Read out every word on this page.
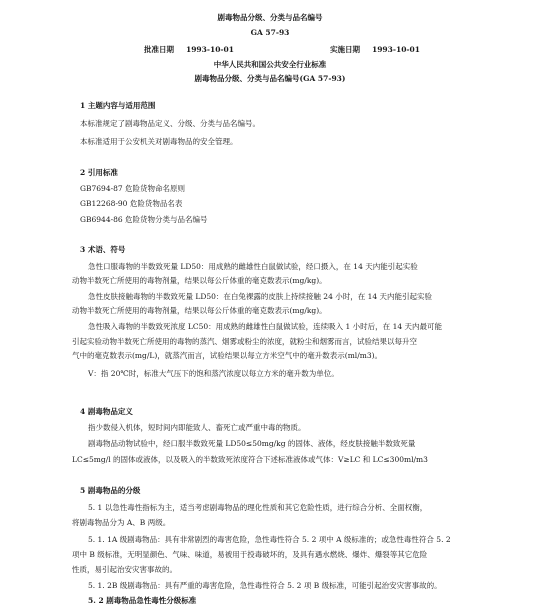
剧毒物品分级、分类与品名编号
GA 57-93
批准日期 1993-10-01	实施日期 1993-10-01
中华人民共和国公共安全行业标准
剧毒物品分级、分类与品名编号(GA 57-93)
1 主题内容与适用范围
本标准规定了剧毒物品定义、分级、分类与品名编号。
本标准适用于公安机关对剧毒物品的安全管理。
2 引用标准
GB7694-87 危险货物命名原则
GB12268-90 危险货物品名表
GB6944-86 危险货物分类与品名编号
3 术语、符号
急性口服毒物的半数致死量 LD50：用成熟的雌雄性白鼠做试验，经口摄入，在 14 天内能引起实验
动物半数死亡所使用的毒物剂量，结果以每公斤体重的毫克数表示(mg/kg)。
急性皮肤接触毒物的半数致死量 LD50：在白兔裸露的皮肤上持续接触 24 小时，在 14 天内能引起实验
动物半数死亡所使用的毒物剂量，结果以每公斤体重的毫克数表示(mg/kg)。
急性吸入毒物的半数致死浓度 LC50：用成熟的雌雄性白鼠做试验，连续吸入 1 小时后，在 14 天内最可能
引起实验动物半数死亡所使用的毒物的蒸汽、烟雾或粉尘的浓度，就粉尘和烟雾而言，试验结果以每升空
气中的毫克数表示(mg/L)，就蒸汽而言，试验结果以每立方米空气中的毫升数表示(ml/m3)。
V：指 20℃时，标准大气压下的饱和蒸汽浓度以每立方米的毫升数为单位。
4 剧毒物品定义
指少数侵入机体，短时间内即能致人、畜死亡或严重中毒的物质。
剧毒物品动物试验中，经口服半数致死量 LD50≤50mg/kg 的固体、液体，经皮肤接触半数致死量
LC≤5mg/l 的固体或液体，以及吸入的半数致死浓度符合下述标准液体或气体：V≥LC 和 LC≤300ml/m3
5 剧毒物品的分级
5. 1 以急性毒性指标为主，适当考虑剧毒物品的理化性质和其它危险性质，进行综合分析、全面权衡，
将剧毒物品分为 A、B 两级。
5. 1. 1A 级剧毒物品：具有非常剧烈的毒害危险，急性毒性符合 5. 2 项中 A 级标准的；或急性毒性符合 5. 2
项中 B 级标准，无明显颜色、气味、味道，易被用于投毒破坏的，及具有遇水燃烧、爆炸、爆裂等其它危险
性质，易引起治安灾害事故的。
5. 1. 2B 级剧毒物品：具有严重的毒害危险，急性毒性符合 5. 2 项 B 级标准，可能引起治安灾害事故的。
5. 2 剧毒物品急性毒性分级标准
